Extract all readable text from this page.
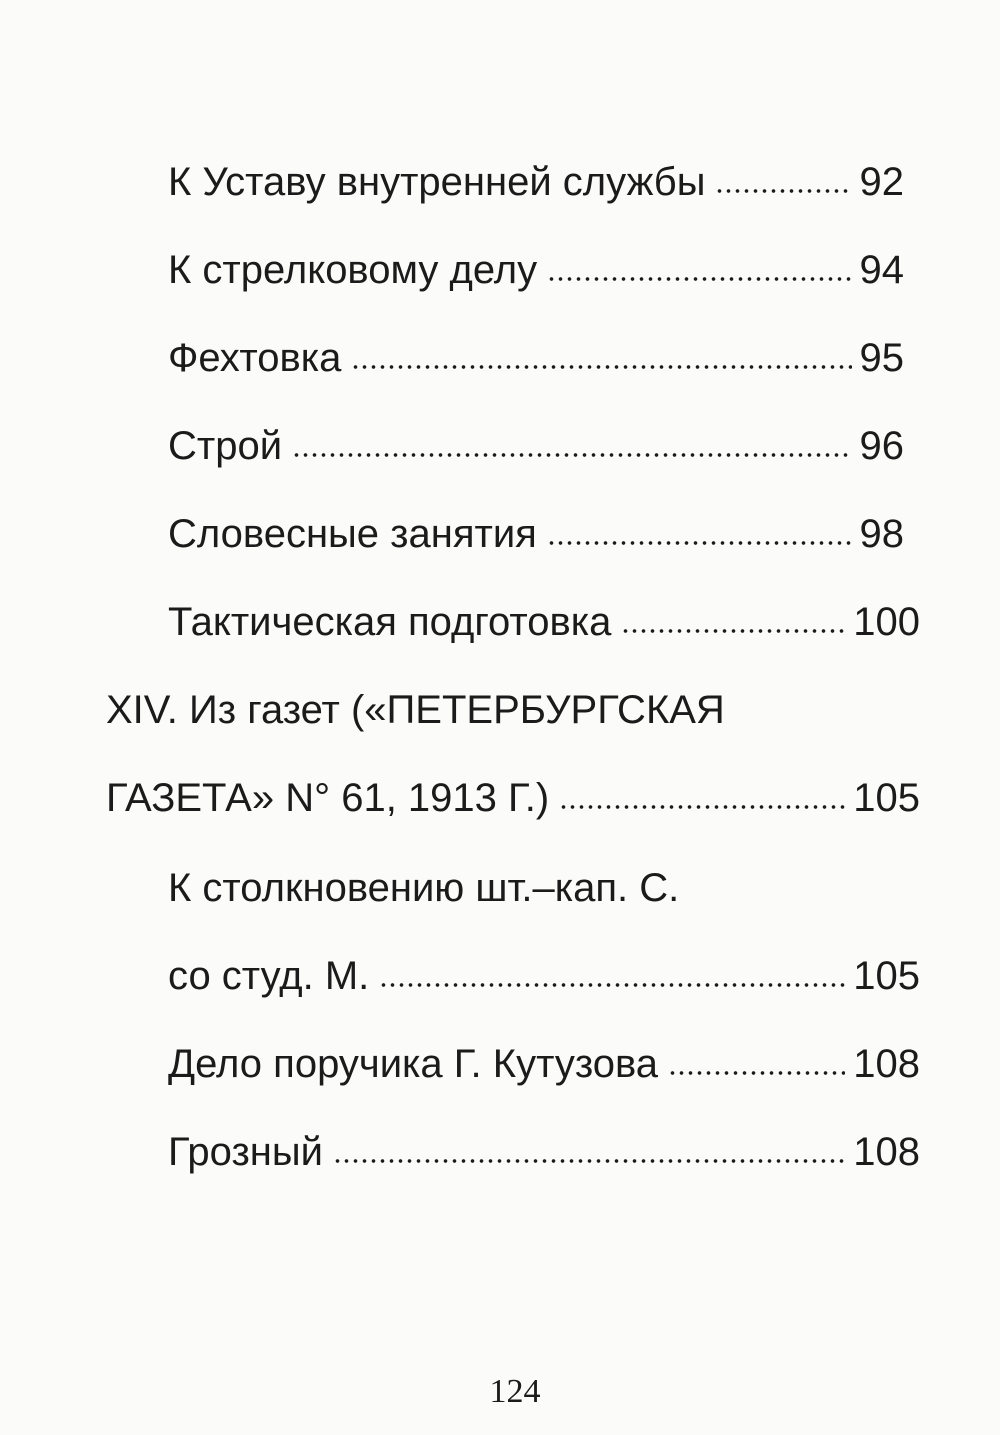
К Уставу внутренней службы	92
К стрелковому делу	94
Фехтовка	95
Строй	96
Словесные занятия	98
Тактическая подготовка	100
XIV. Из газет («ПЕТЕРБУРГСКАЯ
ГАЗЕТА» N° 61, 1913 Г.)	105
К столкновению шт.–кап. С.
со студ. М.	105
Дело поручика Г. Кутузова	108
Грозный	108
124
